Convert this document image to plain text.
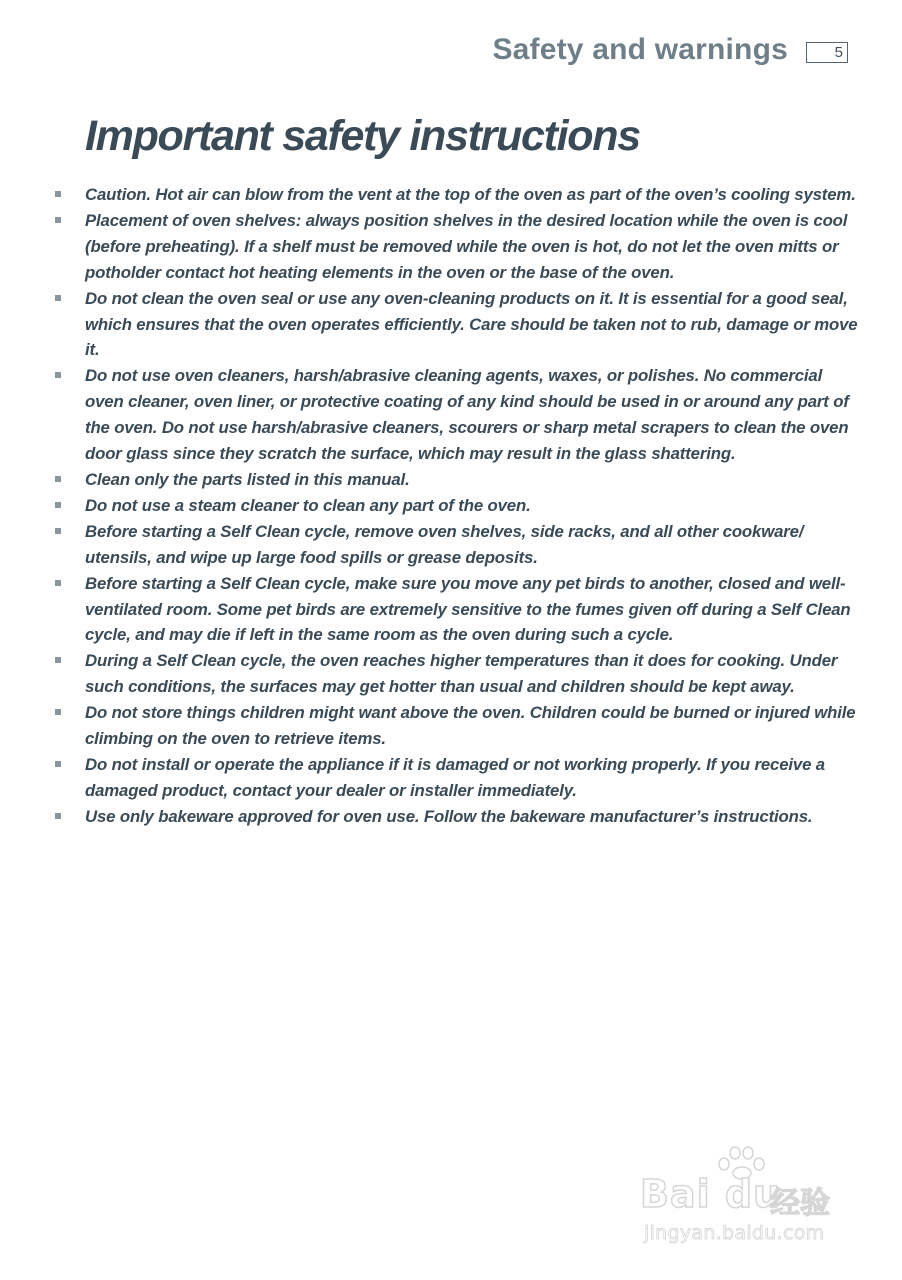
Safety and warnings	5
Important safety instructions
Caution. Hot air can blow from the vent at the top of the oven as part of the oven’s cooling system.
Placement of oven shelves: always position shelves in the desired location while the oven is cool (before preheating). If a shelf must be removed while the oven is hot, do not let the oven mitts or potholder contact hot heating elements in the oven or the base of the oven.
Do not clean the oven seal or use any oven-cleaning products on it. It is essential for a good seal, which ensures that the oven operates efficiently. Care should be taken not to rub, damage or move it.
Do not use oven cleaners, harsh/abrasive cleaning agents, waxes, or polishes. No commercial oven cleaner, oven liner, or protective coating of any kind should be used in or around any part of the oven. Do not use harsh/abrasive cleaners, scourers or sharp metal scrapers to clean the oven door glass since they scratch the surface, which may result in the glass shattering.
Clean only the parts listed in this manual.
Do not use a steam cleaner to clean any part of the oven.
Before starting a Self Clean cycle, remove oven shelves, side racks, and all other cookware/ utensils, and wipe up large food spills or grease deposits.
Before starting a Self Clean cycle, make sure you move any pet birds to another, closed and well-ventilated room. Some pet birds are extremely sensitive to the fumes given off during a Self Clean cycle, and may die if left in the same room as the oven during such a cycle.
During a Self Clean cycle, the oven reaches higher temperatures than it does for cooking. Under such conditions, the surfaces may get hotter than usual and children should be kept away.
Do not store things children might want above the oven. Children could be burned or injured while climbing on the oven to retrieve items.
Do not install or operate the appliance if it is damaged or not working properly. If you receive a damaged product, contact your dealer or installer immediately.
Use only bakeware approved for oven use. Follow the bakeware manufacturer’s instructions.
Bai du
经验
jingyan.baidu.com
